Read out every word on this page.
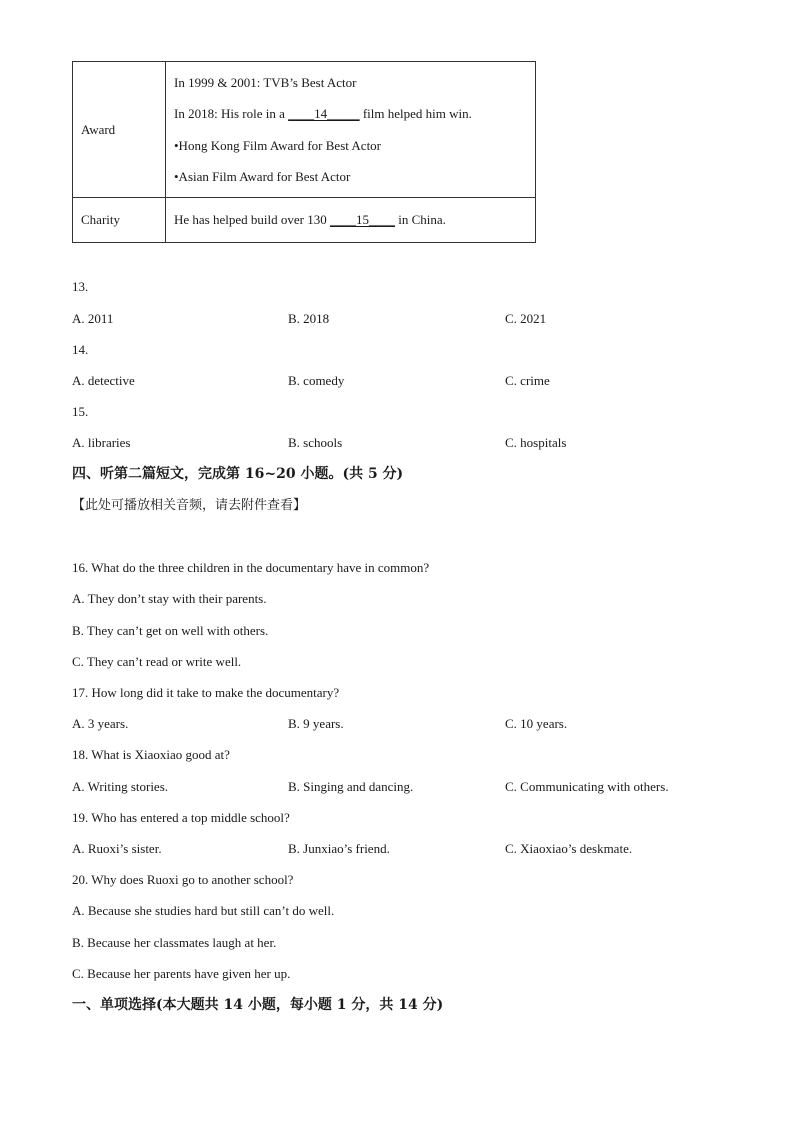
Award	In 1999 & 2001: TVB’s Best Actor
In 2018: His role in a ____14_____ film helped him win.
•Hong Kong Film Award for Best Actor
•Asian Film Award for Best Actor

Charity	He has helped build over 130 ____15____ in China.
13.
A. 2011	B. 2018	C. 2021
14.
A. detective	B. comedy	C. crime
15.
A. libraries	B. schools	C. hospitals
四、听第二篇短文，完成第 16~20 小题。(共 5 分)
【此处可播放相关音频，请去附件查看】
16. What do the three children in the documentary have in common?
A. They don’t stay with their parents.
B. They can’t get on well with others.
C. They can’t read or write well.
17. How long did it take to make the documentary?
A. 3 years.	B. 9 years.	C. 10 years.
18. What is Xiaoxiao good at?
A. Writing stories.	B. Singing and dancing.	C. Communicating with others.
19. Who has entered a top middle school?
A. Ruoxi’s sister.	B. Junxiao’s friend.	C. Xiaoxiao’s deskmate.
20. Why does Ruoxi go to another school?
A. Because she studies hard but still can’t do well.
B. Because her classmates laugh at her.
C. Because her parents have given her up.
一、单项选择(本大题共 14 小题，每小题 1 分，共 14 分)
